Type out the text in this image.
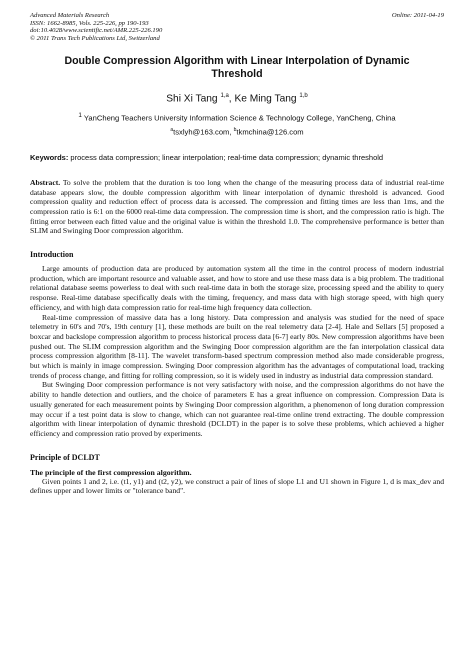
Advanced Materials Research
ISSN: 1662-8985, Vols. 225-226, pp 190-193
doi:10.4028/www.scientific.net/AMR.225-226.190
© 2011 Trans Tech Publications Ltd, Switzerland
Online: 2011-04-19
Double Compression Algorithm with Linear Interpolation of Dynamic Threshold
Shi Xi Tang $^{1,a}$, Ke Ming Tang $^{1,b}$
$^1$ YanCheng Teachers University Information Science & Technology College, YanCheng, China
$^a$tsxlyh@163.com, $^b$tkmchina@126.com
Keywords: process data compression; linear interpolation; real-time data compression; dynamic threshold
Abstract. To solve the problem that the duration is too long when the change of the measuring process data of industrial real-time database appears slow, the double compression algorithm with linear interpolation of dynamic threshold is advanced. Good compression quality and reduction effect of process data is accessed. The compression and fitting times are less than 1ms, and the compression ratio is 6:1 on the 6000 real-time data compression. The compression time is short, and the compression ratio is high. The fitting error between each fitted value and the original value is within the threshold 1.0. The comprehensive performance is better than SLIM and Swinging Door compression algorithm.
Introduction

Large amounts of production data are produced by automation system all the time in the control process of modern industrial production, which are important resource and valuable asset, and how to store and use these mass data is a big problem. The traditional relational database seems powerless to deal with such real-time data in both the storage size, processing speed and the ability to query response. Real-time database specifically deals with the timing, frequency, and mass data with high storage speed, with high query efficiency, and with high data compression ratio for real-time high frequency data collection.

Real-time compression of massive data has a long history. Data compression and analysis was studied for the need of space telemetry in 60's and 70's, 19th century [1], these methods are built on the real telemetry data [2-4]. Hale and Sellars [5] proposed a boxcar and backslope compression algorithm to process historical process data [6-7] early 80s. New compression algorithms have been pushed out. The SLIM compression algorithm and the Swinging Door compression algorithm are the fan interpolation classical data process compression algorithm [8-11]. The wavelet transform-based spectrum compression method also made considerable progress, but which is mainly in image compression. Swinging Door compression algorithm has the advantages of computational load, tracking trends of process change, and fitting for rolling compression, so it is widely used in industry as industrial data compression standard.

But Swinging Door compression performance is not very satisfactory with noise, and the compression algorithms do not have the ability to handle detection and outliers, and the choice of parameters E has a great influence on compression. Compression Data is usually generated for each measurement points by Swinging Door compression algorithm, a phenomenon of long duration compression may occur if a test point data is slow to change, which can not guarantee real-time online trend extracting. The double compression algorithm with linear interpolation of dynamic threshold (DCLDT) in the paper is to solve these problems, which achieved a higher efficiency and compression ratio proved by experiments.

Principle of DCLDT
The principle of the first compression algorithm.

Given points 1 and 2, i.e. (t1, y1) and (t2, y2), we construct a pair of lines of slope L1 and U1 shown in Figure 1, d is max_dev and defines upper and lower limits or "tolerance band".
